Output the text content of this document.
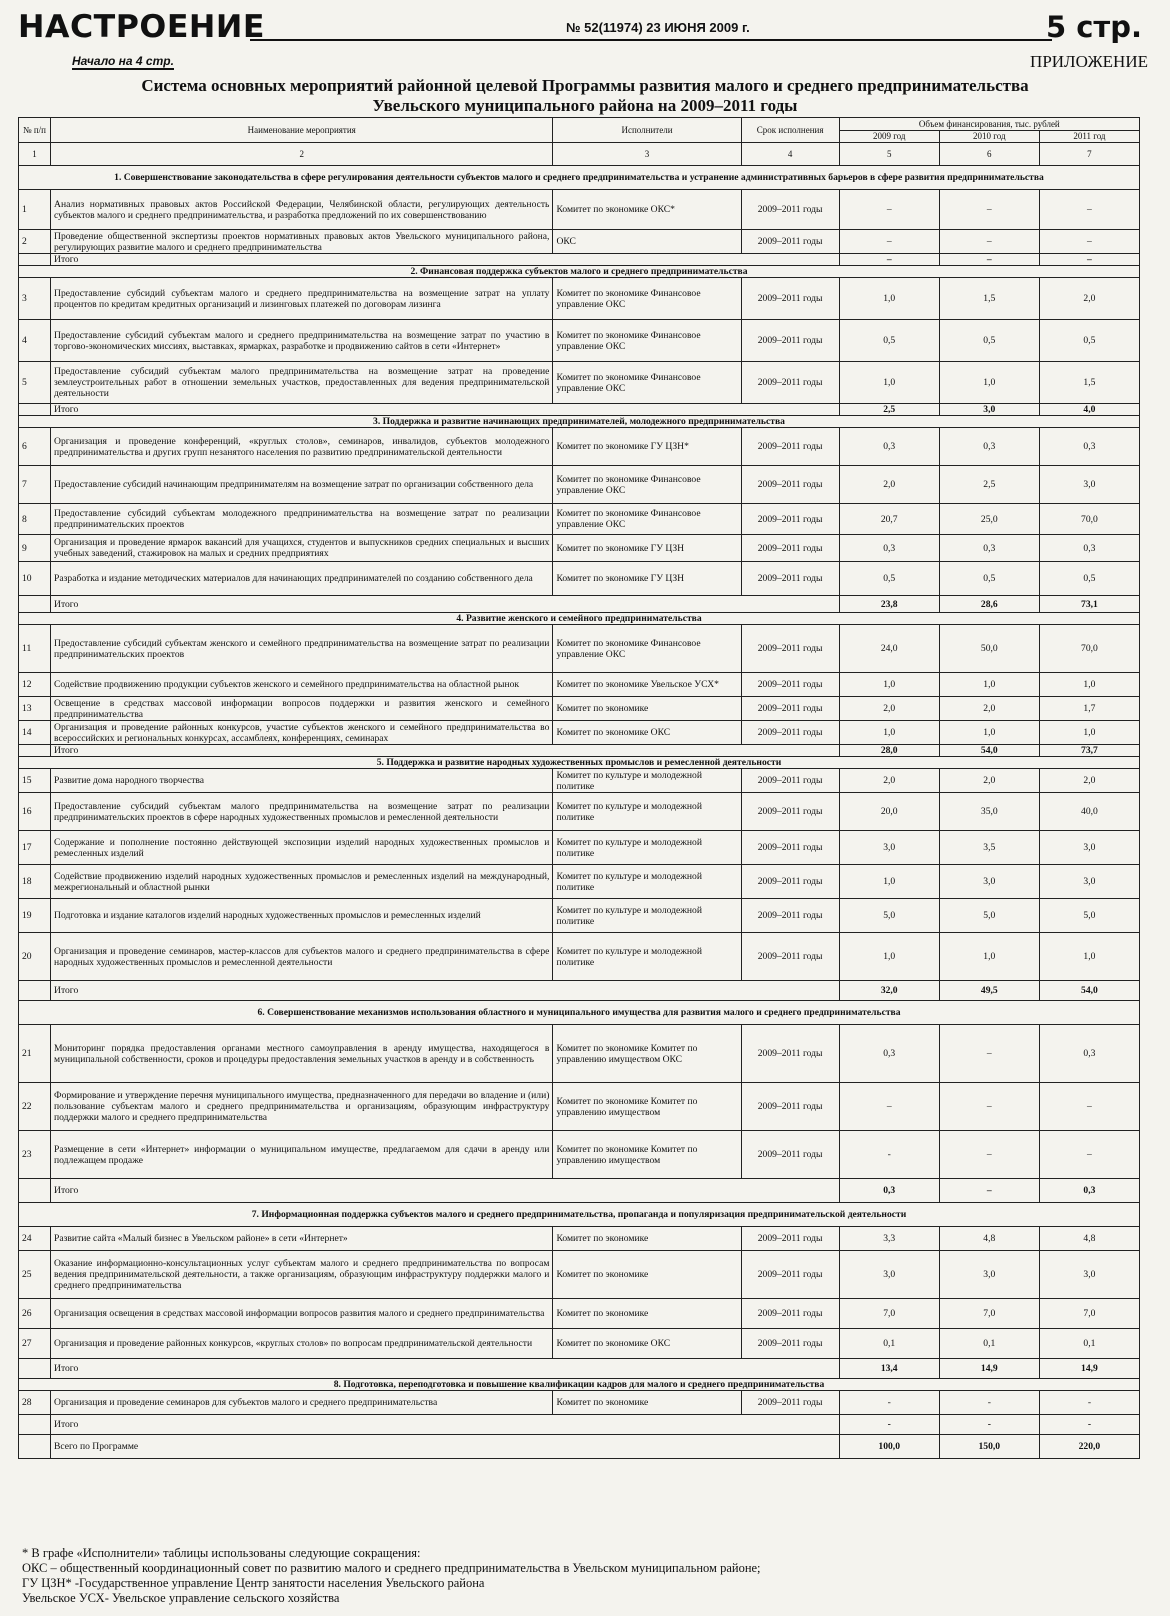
НАСТРОЕНИЕ	№ 52(11974) 23 ИЮНЯ 2009 г.	5 стр.
Начало на 4 стр.	ПРИЛОЖЕНИЕ
Система основных мероприятий районной целевой Программы развития малого и среднего предпринимательства
Увельского муниципального района на 2009–2011 годы
№ п/п	Наименование мероприятия	Исполнители	Срок исполнения	Объем финансирования, тыс. рублей		
				2009 год	2010 год	2011 год
1	2	3	4	5	6	7
1. Совершенствование законодательства в сфере регулирования деятельности субъектов малого и среднего предпринимательства и устранение административных барьеров в сфере развития предпринимательства						
1	Анализ нормативных правовых актов Российской Федерации, Челябинской области, регулирующих деятельность субъектов малого и среднего предпринимательства, и разработка предложений по их совершенствованию	Комитет по экономике ОКС*	2009–2011 годы	–	–	–
2	Проведение общественной экспертизы проектов нормативных правовых актов Увельского муниципального района, регулирующих развитие малого и среднего предпринимательства	ОКС	2009–2011 годы	–	–	–
	Итого			–	–	–
2. Финансовая поддержка субъектов малого и среднего предпринимательства						
3	Предоставление субсидий субъектам малого и среднего предпринимательства на возмещение затрат на уплату процентов по кредитам кредитных организаций и лизинговых платежей по договорам лизинга	Комитет по экономике Финансовое управление ОКС	2009–2011 годы	1,0	1,5	2,0
4	Предоставление субсидий субъектам малого и среднего предпринимательства на возмещение затрат по участию в торгово-экономических миссиях, выставках, ярмарках, разработке и продвижению сайтов в сети «Интернет»	Комитет по экономике Финансовое управление ОКС	2009–2011 годы	0,5	0,5	0,5
5	Предоставление субсидий субъектам малого предпринимательства на возмещение затрат на проведение землеустроительных работ в отношении земельных участков, предоставленных для ведения предпринимательской деятельности	Комитет по экономике Финансовое управление ОКС	2009–2011 годы	1,0	1,0	1,5
	Итого			2,5	3,0	4,0
3. Поддержка и развитие начинающих предпринимателей, молодежного предпринимательства						
6	Организация и проведение конференций, «круглых столов», семинаров, инвалидов, субъектов молодежного предпринимательства и других групп незанятого населения по развитию предпринимательской деятельности	Комитет по экономике ГУ ЦЗН*	2009–2011 годы	0,3	0,3	0,3
7	Предоставление субсидий начинающим предпринимателям на возмещение затрат по организации собственного дела	Комитет по экономике Финансовое управление ОКС	2009–2011 годы	2,0	2,5	3,0
8	Предоставление субсидий субъектам молодежного предпринимательства на возмещение затрат по реализации предпринимательских проектов	Комитет по экономике Финансовое управление ОКС	2009–2011 годы	20,7	25,0	70,0
9	Организация и проведение ярмарок вакансий для учащихся, студентов и выпускников средних специальных и высших учебных заведений, стажировок на малых и средних предприятиях	Комитет по экономике ГУ ЦЗН	2009–2011 годы	0,3	0,3	0,3
10	Разработка и издание методических материалов для начинающих предпринимателей по созданию собственного дела	Комитет по экономике ГУ ЦЗН	2009–2011 годы	0,5	0,5	0,5
	Итого			23,8	28,6	73,1
4. Развитие женского и семейного предпринимательства						
11	Предоставление субсидий субъектам женского и семейного предпринимательства на возмещение затрат по реализации предпринимательских проектов	Комитет по экономике Финансовое управление ОКС	2009–2011 годы	24,0	50,0	70,0
12	Содействие продвижению продукции субъектов женского и семейного предпринимательства на областной рынок	Комитет по экономике Увельское УСХ*	2009–2011 годы	1,0	1,0	1,0
13	Освещение в средствах массовой информации вопросов поддержки и развития женского и семейного предпринимательства	Комитет по экономике	2009–2011 годы	2,0	2,0	1,7
14	Организация и проведение районных конкурсов, участие субъектов женского и семейного предпринимательства во всероссийских и региональных конкурсах, ассамблеях, конференциях, семинарах	Комитет по экономике ОКС	2009–2011 годы	1,0	1,0	1,0
	Итого			28,0	54,0	73,7
5. Поддержка и развитие народных художественных промыслов и ремесленной деятельности						
15	Развитие дома народного творчества	Комитет по культуре и молодежной политике	2009–2011 годы	2,0	2,0	2,0
16	Предоставление субсидий субъектам малого предпринимательства на возмещение затрат по реализации предпринимательских проектов в сфере народных художественных промыслов и ремесленной деятельности	Комитет по культуре и молодежной политике	2009–2011 годы	20,0	35,0	40,0
17	Содержание и пополнение постоянно действующей экспозиции изделий народных художественных промыслов и ремесленных изделий	Комитет по культуре и молодежной политике	2009–2011 годы	3,0	3,5	3,0
18	Содействие продвижению изделий народных художественных промыслов и ремесленных изделий на международный, межрегиональный и областной рынки	Комитет по культуре и молодежной политике	2009–2011 годы	1,0	3,0	3,0
19	Подготовка и издание каталогов изделий народных художественных промыслов и ремесленных изделий	Комитет по культуре и молодежной политике	2009–2011 годы	5,0	5,0	5,0
20	Организация и проведение семинаров, мастер-классов для субъектов малого и среднего предпринимательства в сфере народных художественных промыслов и ремесленной деятельности	Комитет по культуре и молодежной политике	2009–2011 годы	1,0	1,0	1,0
	Итого			32,0	49,5	54,0
6. Совершенствование механизмов использования областного и муниципального имущества для развития малого и среднего предпринимательства						
21	Мониторинг порядка предоставления органами местного самоуправления в аренду имущества, находящегося в муниципальной собственности, сроков и процедуры предоставления земельных участков в аренду и в собственность	Комитет по экономике Комитет по управлению имуществом ОКС	2009–2011 годы	0,3	–	0,3
22	Формирование и утверждение перечня муниципального имущества, предназначенного для передачи во владение и (или) пользование субъектам малого и среднего предпринимательства и организациям, образующим инфраструктуру поддержки малого и среднего предпринимательства	Комитет по экономике Комитет по управлению имуществом	2009–2011 годы	–	–	–
23	Размещение в сети «Интернет» информации о муниципальном имуществе, предлагаемом для сдачи в аренду или подлежащем продаже	Комитет по экономике Комитет по управлению имуществом	2009–2011 годы	-	–	–
	Итого			0,3	–	0,3
7. Информационная поддержка субъектов малого и среднего предпринимательства, пропаганда и популяризация предпринимательской деятельности						
24	Развитие сайта «Малый бизнес в Увельском районе» в сети «Интернет»	Комитет по экономике	2009–2011 годы	3,3	4,8	4,8
25	Оказание информационно-консультационных услуг субъектам малого и среднего предпринимательства по вопросам ведения предпринимательской деятельности, а также организациям, образующим инфраструктуру поддержки малого и среднего предпринимательства	Комитет по экономике	2009–2011 годы	3,0	3,0	3,0
26	Организация освещения в средствах массовой информации вопросов развития малого и среднего предпринимательства	Комитет по экономике	2009–2011 годы	7,0	7,0	7,0
27	Организация и проведение районных конкурсов, «круглых столов» по вопросам предпринимательской деятельности	Комитет по экономике ОКС	2009–2011 годы	0,1	0,1	0,1
	Итого			13,4	14,9	14,9
8. Подготовка, переподготовка и повышение квалификации кадров для малого и среднего предпринимательства						
28	Организация и проведение семинаров для субъектов малого и среднего предпринимательства	Комитет по экономике	2009–2011 годы	-	-	-
	Итого			-	-	-
	Всего по Программе			100,0	150,0	220,0
* В графе «Исполнители» таблицы использованы следующие сокращения:
ОКС – общественный координационный совет по развитию малого и среднего предпринимательства в Увельском муниципальном районе;
ГУ ЦЗН* -Государственное управление Центр занятости населения Увельского района
Увельское УСХ- Увельское управление сельского хозяйства
